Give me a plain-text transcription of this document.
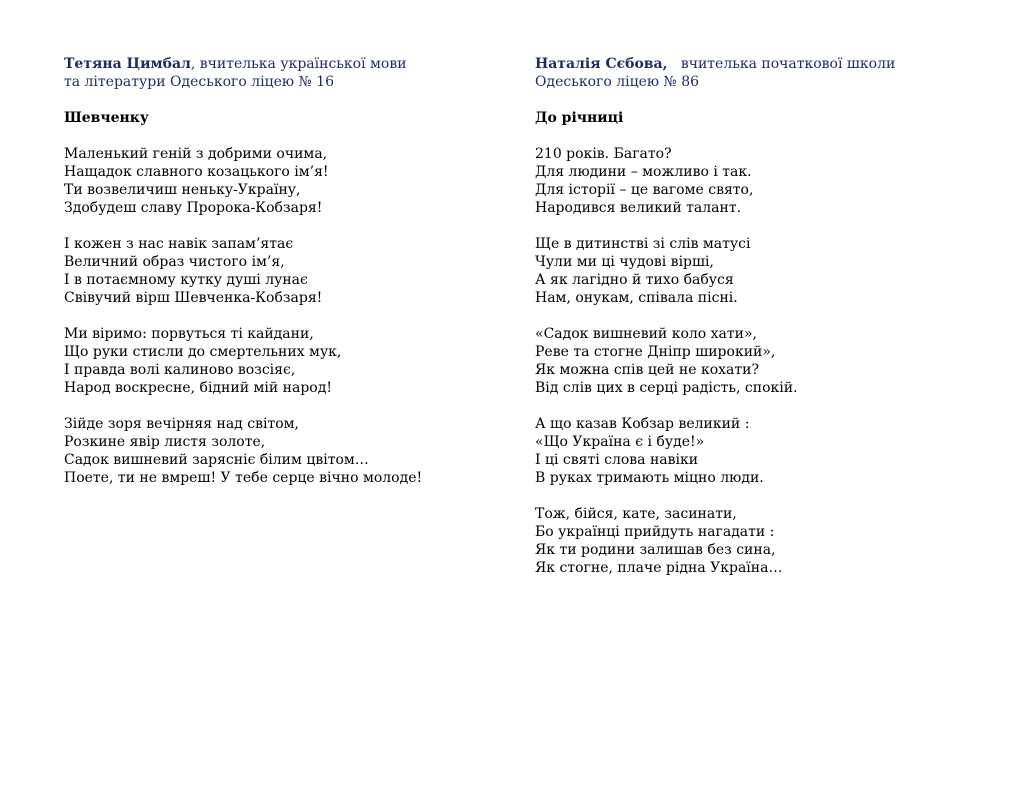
Тетяна Цимбал, вчителька української мови
та літератури Одеського ліцею № 16

Шевченку
Маленький геній з добрими очима,
Нащадок славного козацького ім’я!
Ти возвеличиш неньку-Україну,
Здобудеш славу Пророка-Кобзаря!
І кожен з нас навік запам’ятає
Величний образ чистого ім’я,
І в потаємному кутку душі лунає
Свівучий вірш Шевченка-Кобзаря!
Ми віримо: порвуться ті кайдани,
Що руки стисли до смертельних мук,
І правда волі калиново возсіяє,
Народ воскресне, бідний мій народ!
Зійде зоря вечірняя над світом,
Розкине явір листя золоте,
Садок вишневий зарясніє білим цвітом…
Поете, ти не вмреш! У тебе серце вічно молоде!

Наталія Сєбова,   вчителька початкової школи
Одеського ліцею № 86

До річниці
210 років. Багато?
Для людини – можливо і так.
Для історії – це вагоме свято,
Народився великий талант.
Ще в дитинстві зі слів матусі
Чули ми ці чудові вірші,
А як лагідно й тихо бабуся
Нам, онукам, співала пісні.
«Садок вишневий коло хати»,
Реве та стогне Дніпр широкий»,
Як можна спів цей не кохати?
Від слів цих в серці радість, спокій.
А що казав Кобзар великий :
«Що Україна є і буде!»
І ці святі слова навіки
В руках тримають міцно люди.
Тож, бійся, кате, засинати,
Бо українці прийдуть нагадати :
Як ти родини залишав без сина,
Як стогне, плаче рідна Україна…
